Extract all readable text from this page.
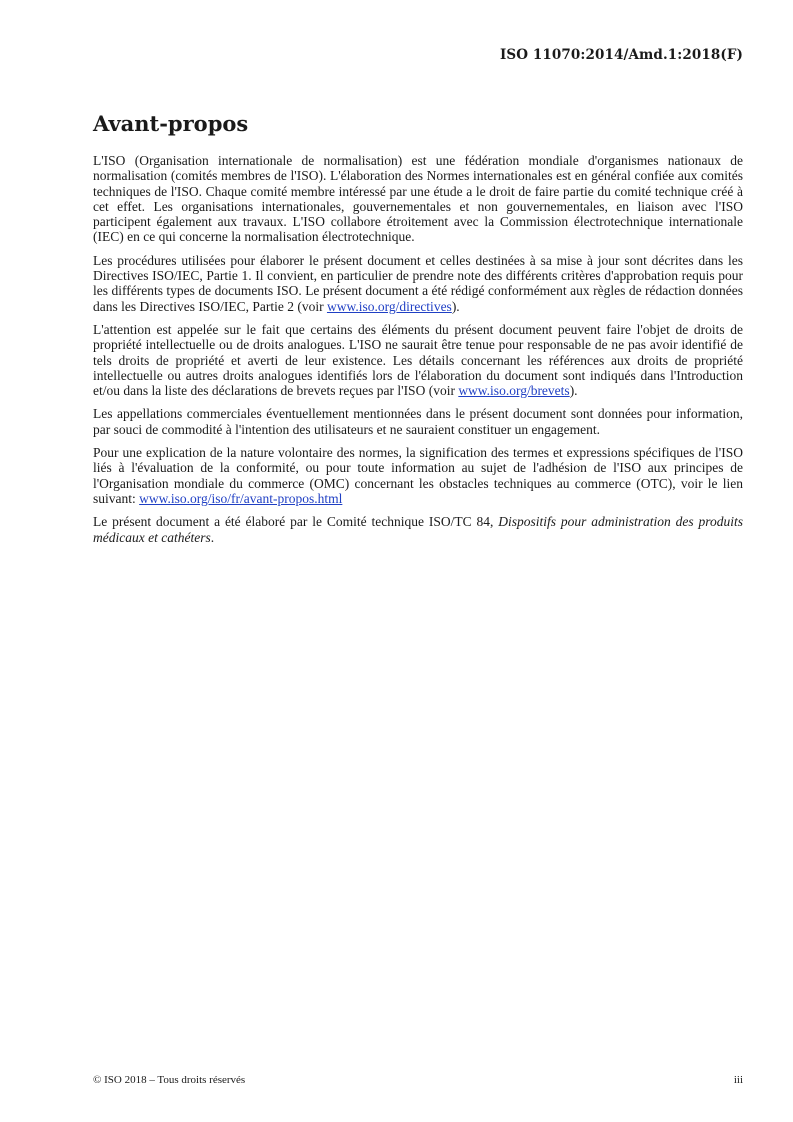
ISO 11070:2014/Amd.1:2018(F)
Avant-propos

L'ISO (Organisation internationale de normalisation) est une fédération mondiale d'organismes nationaux de normalisation (comités membres de l'ISO). L'élaboration des Normes internationales est en général confiée aux comités techniques de l'ISO. Chaque comité membre intéressé par une étude a le droit de faire partie du comité technique créé à cet effet. Les organisations internationales, gouvernementales et non gouvernementales, en liaison avec l'ISO participent également aux travaux. L'ISO collabore étroitement avec la Commission électrotechnique internationale (IEC) en ce qui concerne la normalisation électrotechnique.

Les procédures utilisées pour élaborer le présent document et celles destinées à sa mise à jour sont décrites dans les Directives ISO/IEC, Partie 1. Il convient, en particulier de prendre note des différents critères d'approbation requis pour les différents types de documents ISO. Le présent document a été rédigé conformément aux règles de rédaction données dans les Directives ISO/IEC, Partie 2 (voir www.iso.org/directives).

L'attention est appelée sur le fait que certains des éléments du présent document peuvent faire l'objet de droits de propriété intellectuelle ou de droits analogues. L'ISO ne saurait être tenue pour responsable de ne pas avoir identifié de tels droits de propriété et averti de leur existence. Les détails concernant les références aux droits de propriété intellectuelle ou autres droits analogues identifiés lors de l'élaboration du document sont indiqués dans l'Introduction et/ou dans la liste des déclarations de brevets reçues par l'ISO (voir www.iso.org/brevets).

Les appellations commerciales éventuellement mentionnées dans le présent document sont données pour information, par souci de commodité à l'intention des utilisateurs et ne sauraient constituer un engagement.

Pour une explication de la nature volontaire des normes, la signification des termes et expressions spécifiques de l'ISO liés à l'évaluation de la conformité, ou pour toute information au sujet de l'adhésion de l'ISO aux principes de l'Organisation mondiale du commerce (OMC) concernant les obstacles techniques au commerce (OTC), voir le lien suivant: www.iso.org/iso/fr/avant-propos.html

Le présent document a été élaboré par le Comité technique ISO/TC 84, Dispositifs pour administration des produits médicaux et cathéters.

© ISO 2018 – Tous droits réservés	iii
